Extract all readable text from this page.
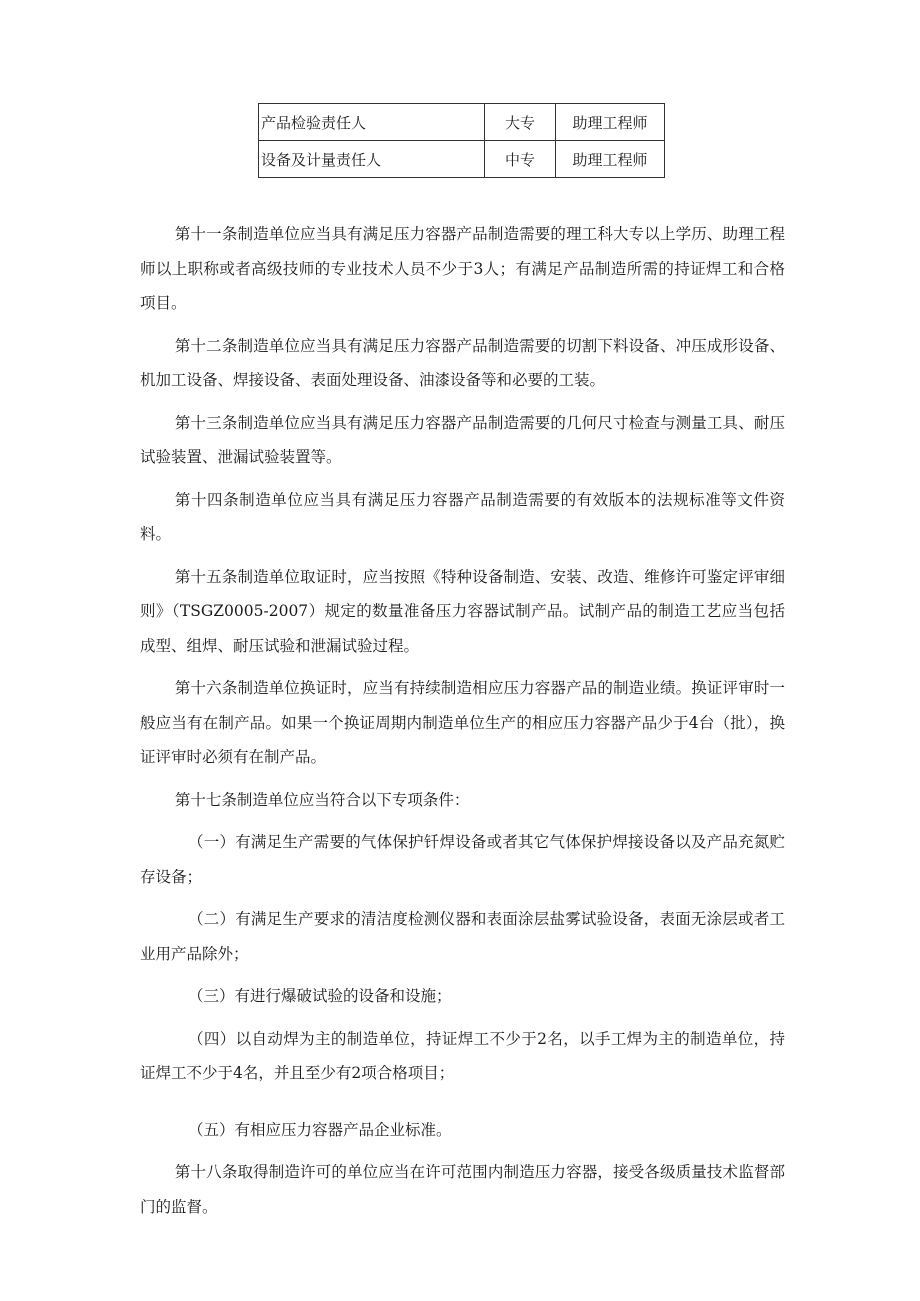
产品检验责任人	大专	助理工程师
设备及计量责任人	中专	助理工程师

第十一条制造单位应当具有满足压力容器产品制造需要的理工科大专以上学历、助理工程师以上职称或者高级技师的专业技术人员不少于3人；有满足产品制造所需的持证焊工和合格项目。

第十二条制造单位应当具有满足压力容器产品制造需要的切割下料设备、冲压成形设备、机加工设备、焊接设备、表面处理设备、油漆设备等和必要的工装。

第十三条制造单位应当具有满足压力容器产品制造需要的几何尺寸检查与测量工具、耐压试验装置、泄漏试验装置等。

第十四条制造单位应当具有满足压力容器产品制造需要的有效版本的法规标准等文件资料。

第十五条制造单位取证时，应当按照《特种设备制造、安装、改造、维修许可鉴定评审细则》（TSGZ0005-2007）规定的数量准备压力容器试制产品。试制产品的制造工艺应当包括成型、组焊、耐压试验和泄漏试验过程。

第十六条制造单位换证时，应当有持续制造相应压力容器产品的制造业绩。换证评审时一般应当有在制产品。如果一个换证周期内制造单位生产的相应压力容器产品少于4台（批），换证评审时必须有在制产品。

第十七条制造单位应当符合以下专项条件：

（一）有满足生产需要的气体保护钎焊设备或者其它气体保护焊接设备以及产品充氮贮存设备；

（二）有满足生产要求的清洁度检测仪器和表面涂层盐雾试验设备，表面无涂层或者工业用产品除外；

（三）有进行爆破试验的设备和设施；

（四）以自动焊为主的制造单位，持证焊工不少于2名，以手工焊为主的制造单位，持证焊工不少于4名，并且至少有2项合格项目；

（五）有相应压力容器产品企业标准。

第十八条取得制造许可的单位应当在许可范围内制造压力容器，接受各级质量技术监督部门的监督。
